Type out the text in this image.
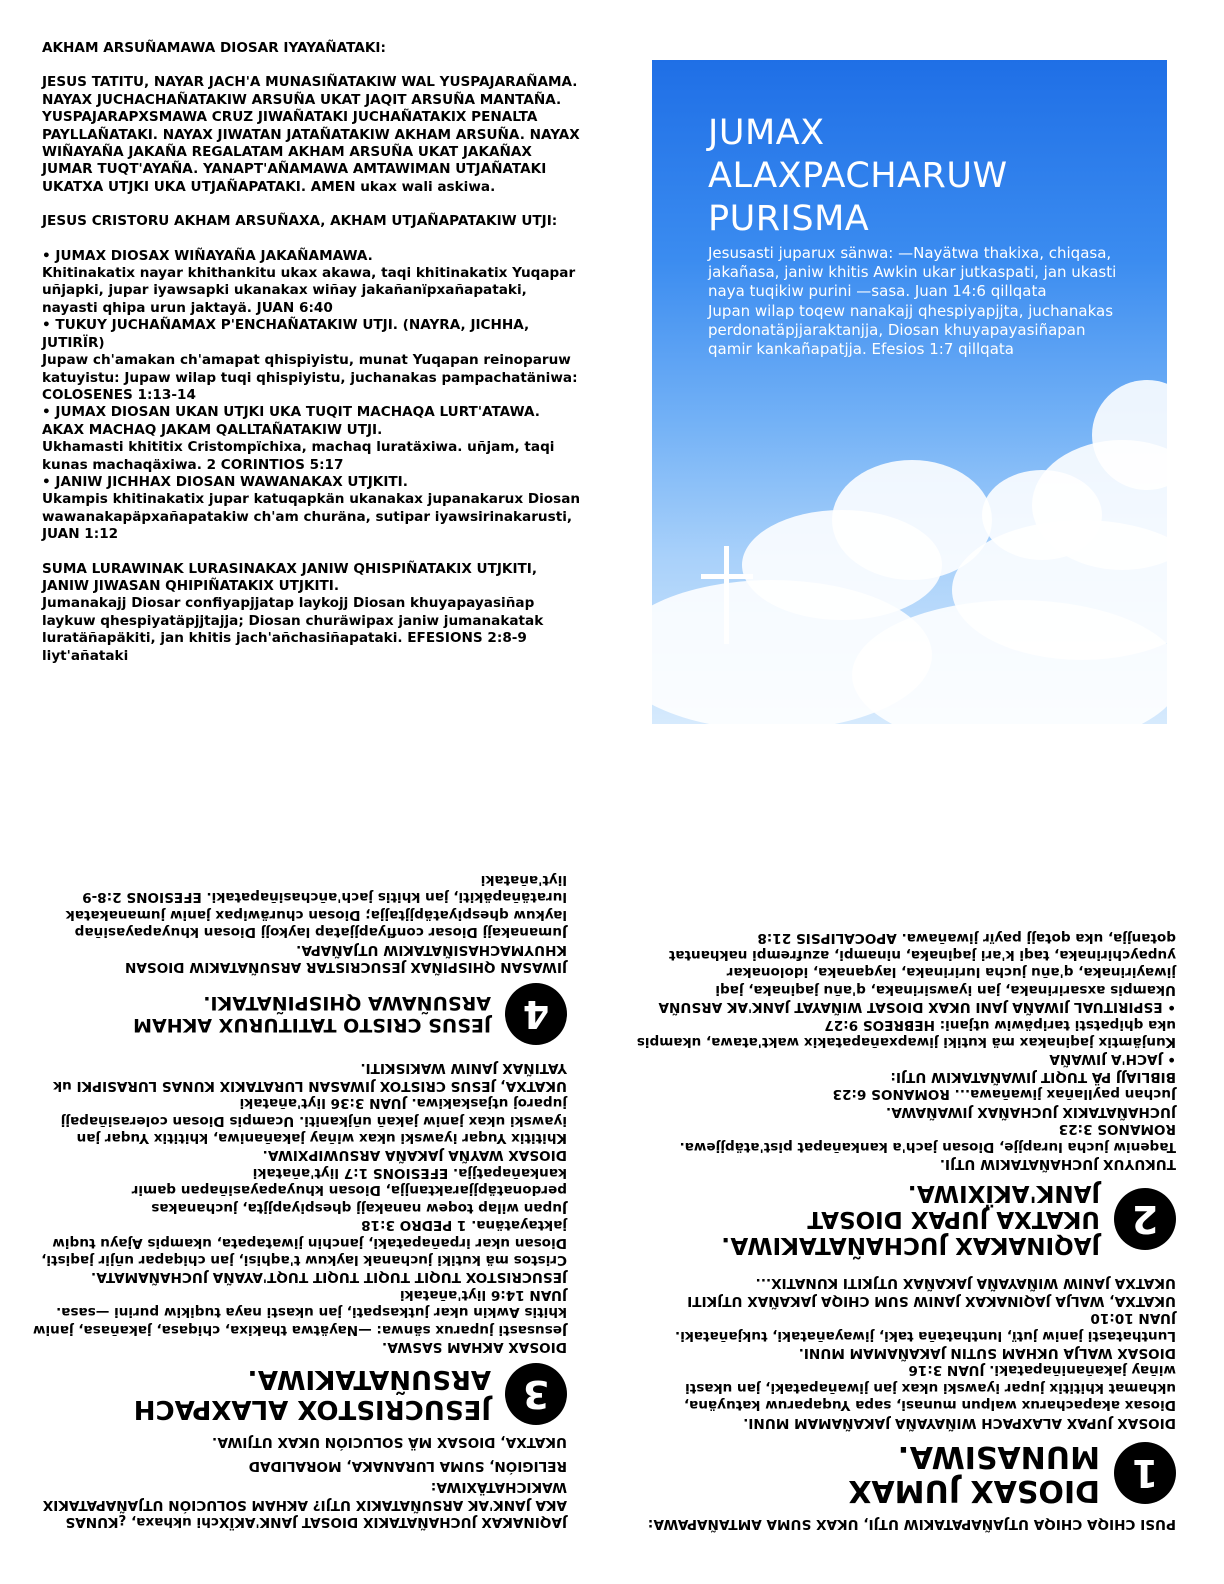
AKHAM ARSUÑAMAWA DIOSAR IYAYAÑATAKI:

JESUS TATITU, NAYAR JACH'A MUNASIÑATAKIW WAL YUSPAJARAÑAMA. NAYAX JUCHACHAÑATAKIW ARSUÑA UKAT JAQIT ARSUÑA MANTAÑA. YUSPAJARAPXSMAWA CRUZ JIWAÑATAKI JUCHAÑATAKIX PENALTA PAYLLAÑATAKI. NAYAX JIWATAN JATAÑATAKIW AKHAM ARSUÑA. NAYAX WIÑAYAÑA JAKAÑA REGALATAM AKHAM ARSUÑA UKAT JAKAÑAX JUMAR TUQT'AYAÑA. YANAPT'AÑAMAWA AMTAWIMAN UTJAÑATAKI UKATXA UTJKI UKA UTJAÑAPATAKI. AMEN ukax wali askiwa.

JESUS CRISTORU AKHAM ARSUÑAXA, AKHAM UTJAÑAPATAKIW UTJI:

• JUMAX DIOSAX WIÑAYAÑA JAKAÑAMAWA.

Khitinakatix nayar khithankitu ukax akawa, taqi khitinakatix Yuqapar uñjapki, jupar iyawsapki ukanakax wiñay jakañanïpxañapataki, nayasti qhipa urun jaktayä. JUAN 6:40

• TUKUY JUCHAÑAMAX P'ENCHAÑATAKIW UTJI. (NAYRA, JICHHA, JUTIRÏR)

Jupaw ch'amakan ch'amapat qhispiyistu, munat Yuqapan reinoparuw katuyistu: Jupaw wilap tuqi qhispiyistu, juchanakas pampachatäniwa: COLOSENES 1:13-14

• JUMAX DIOSAN UKAN UTJKI UKA TUQIT MACHAQA LURT'ATAWA. AKAX MACHAQ JAKAM QALLTAÑATAKIW UTJI.

Ukhamasti khititix Cristompïchixa, machaq luratäxiwa. uñjam, taqi kunas machaqäxiwa. 2 CORINTIOS 5:17

• JANIW JICHHAX DIOSAN WAWANAKAX UTJKITI.

Ukampis khitinakatix jupar katuqapkän ukanakax jupanakarux Diosan wawanakapäpxañapatakiw ch'am churäna, sutipar iyawsirinakarusti, JUAN 1:12

SUMA LURAWINAK LURASINAKAX JANIW QHISPIÑATAKIX UTJKITI, JANIW JIWASAN QHIPIÑATAKIX UTJKITI.

Jumanakajj Diosar confiyapjjatap laykojj Diosan khuyapayasiñap laykuw qhespiyatäpjjtajja; Diosan churäwipax janiw jumanakatak luratäñapäkiti, jan khitis jach'añchasiñapataki. EFESIONS 2:8-9 liyt'añataki

JUMAX ALAXPACHARUW PURISMA
Jesusasti juparux sänwa: —Nayätwa thakixa, chiqasa, jakañasa, janiw khitis Awkin ukar jutkaspati, jan ukasti naya tuqikiw purini —sasa. Juan 14:6 qillqata
Jupan wilap toqew nanakajj qhespiyapjjta, juchanakas perdonatäpjjaraktanjja, Diosan khuyapayasiñapan qamir kankañapatjja. Efesios 1:7 qillqata

PUSI CHIQA CHIQA UTJAÑAPATAKIW UTJI, UKAX SUMA AMTAÑAPAWA:

1
DIOSAX JUMAX MUNASIWA.

DIOSAX JUPAX ALAXPACH WIÑAYAÑA JAKAÑAMAM MUNI.

Diosax akapacharux walpun munasi, sapa Yuqaparuw katuyäna, ukhamat khititix jupar iyawski ukax jan jiwañapataki, jan ukasti wiñay jakañaniñapataki. JUAN 3:16

DIOSAX WALJA UKHAM SUTIN JAKAÑAMAM MUNI.

Lunthatasti janiw jutï, lunthataña taki, jiwayañataki, tukjañataki. JUAN 10:10

UKATXA, WALJA JAQINAKAX JANIW SUM CHIQA JAKAÑAX UTJKITI UKATXA JANIW WIÑAYAÑA JAKAÑAX UTJKITI KUNATIX...

2
JAQINAKAX JUCHAÑATAKIWA. UKATXA JUPAX DIOSAT JANK'AKÏXIWA.

TUKUYUX JUCHAÑATAKIW UTJI.

Taqeniw jucha lurapjje, Diosan jach'a kankañapat pist'atäpjjewa. ROMANOS 3:23

JUCHAÑATAKIX JUCHAÑAX JIWAÑAWA.

Juchan payllañax jiwañawa... ROMANOS 6:23

BIBLIAJJ PÄ TUQIT JIWAÑATAKIW UTJI:

• JACH'A JIWAÑA

Kunjämtix jaqinakax mä kutiki jiwapxañapatakix wakt'atawa, ukampis uka qhipatsti taripäwiw utjani: HEBREOS 9:27

• ESPIRITUAL JIWAÑA JANI UKAX DIOSAT WIÑAYAT JANK'AK ARSUÑA

Ukampis axsaririnaka, jan iyawsirinaka, q'añu jaqinaka, jaqi jiwayirinaka, q'añu jucha luririnaka, layqanaka, idolonakar yupaychirinaka, taqi k'ari jaqinaka, ninampi, azufrempi nakhantat qotanjja, uka qotajj payïr jiwañawa. APOCALIPSIS 21:8

JAQINAKAX JUCHAÑATAKIX DIOSAT JANK'AKÏXchi ukhaxa, ¿KUNAS AKA JANK'AK ARSUÑATAKIX UTJI? AKHAM SOLUCIÓN UTJAÑAPATAKIX WAKICHATÄXIWA:

RELIGIÓN, SUMA LURANAKA, MORALIDAD

UKATXA, DIOSAX MÄ SOLUCIÓN UKAX UTJIWA.

3
JESUCRISTOX ALAXPACH ARSUÑATAKIWA.

DIOSAX AKHAM SASWA.

Jesusasti juparux sänwa: —Nayätwa thakixa, chiqasa, jakañasa, janiw khitis Awkin ukar jutkaspati, jan ukasti naya tuqikiw purini —sasa. JUAN 14:6 liyt'añataki

JESUCRISTOX TUQIT TUQIT TUQIT TUQT'AYAÑA JUCHAÑAMATA.

Cristos mä kutiki juchanak laykuw t'aqhisi, jan chiqapar uñjir jaqisti, Diosan ukar irpañapataki, janchin jiwatapata, ukampis Ajayu tuqiw jaktayatäna. 1 PEDRO 3:18

Jupan wilap toqew nanakajj qhespiyapjjta, juchanakas perdonatäpjjaraktanjja, Diosan khuyapayasiñapan qamir kankañapatjja. EFESIONS 1:7 liyt'añataki

DIOSAX WAYÑA JAKAÑA ARSUWIPXIWA.

Khititix Yuqar iyawski ukax wiñay jakañaniwa, khititix Yuqar jan iyawski ukax janiw jakañ uñjkaniti. Ucampis Diosan colerasiñapajj juparoj utjaskakiwa. JUAN 3:36 liyt'añataki

UKATXA, JESUS CRISTOX JIWASAN LURATAKIX KUNAS LURASIPKI uk YATIÑAX JANIW WAKISKITI.

4
JESUS CRISTO TATITURUX AKHAM ARSUÑAWA QHISPIÑATAKI.

JIWASAN QHISPIÑAX JESUCRISTAR ARSUÑATAKIW DIOSAN KHUYMACHASIÑATAKIW UTJAÑAPA.

Jumanakajj Diosar confiyapjjatap laykojj Diosan khuyapayasiñap laykuw qhespiyatäpjjtajja; Diosan churäwipax janiw jumanakatak luratäñapäkiti, jan khitis jach'añchasiñapataki. EFESIONS 2:8-9 liyt'añataki
